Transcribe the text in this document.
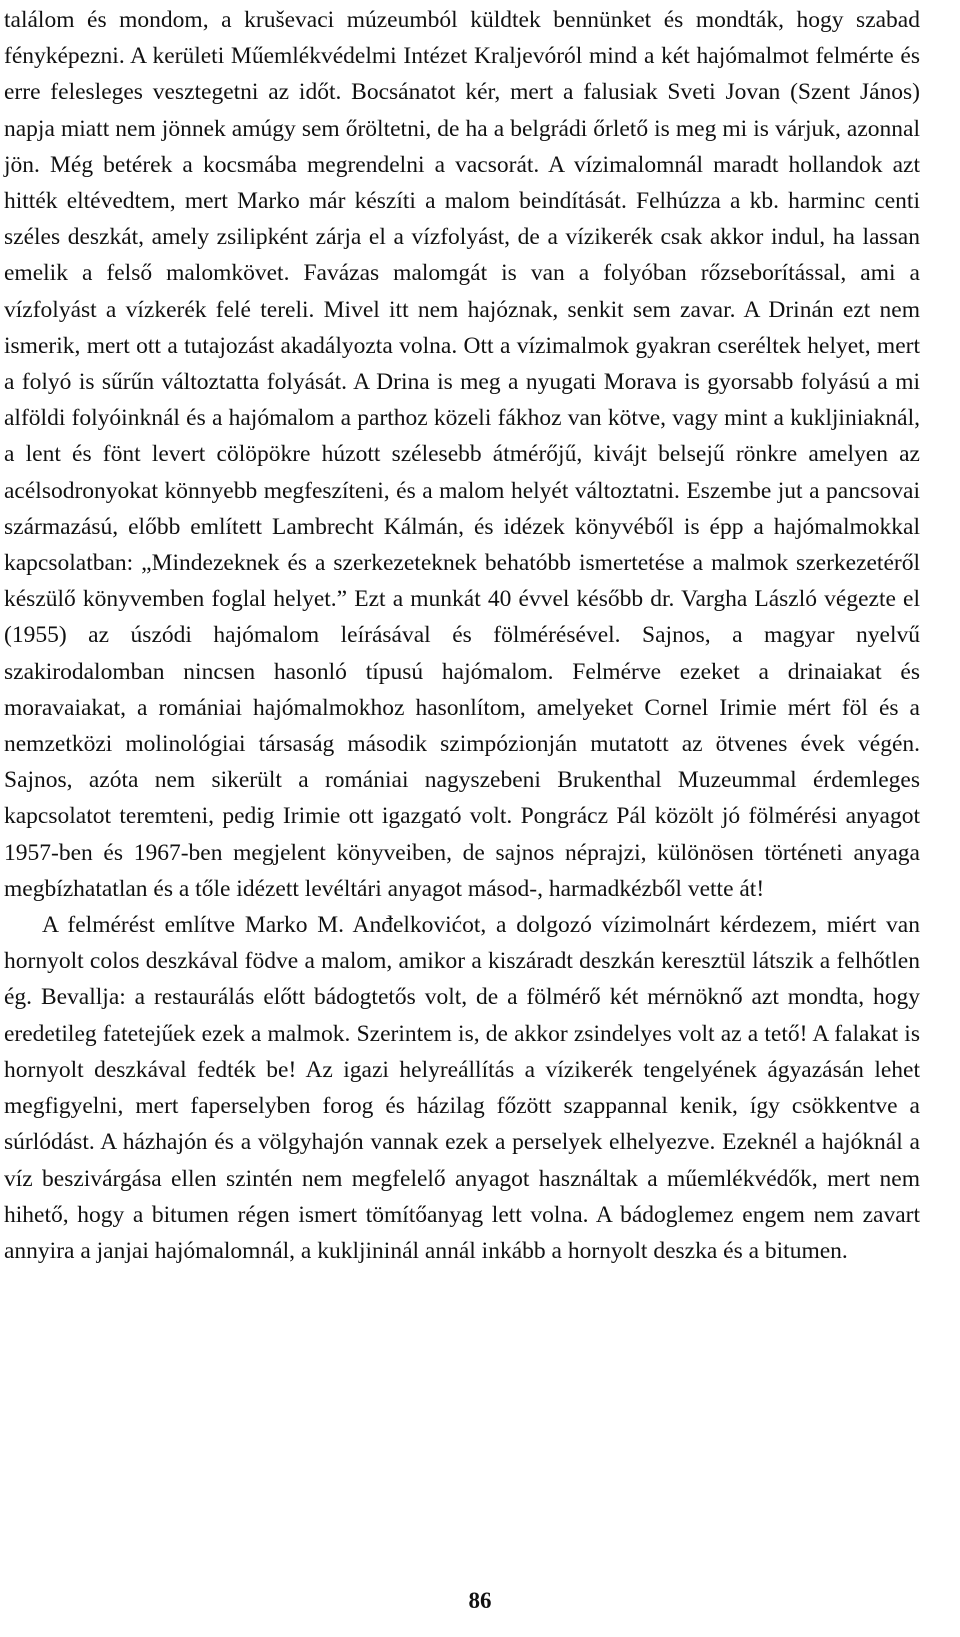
találom és mondom, a kruševaci múzeumból küldtek bennünket és mondták, hogy szabad fényképezni. A kerületi Műemlékvédelmi Intézet Kraljevóról mind a két hajómalmot felmérte és erre felesleges vesztegetni az időt. Bocsánatot kér, mert a falusiak Sveti Jovan (Szent János) napja miatt nem jönnek amúgy sem őröltetni, de ha a belgrádi őrlető is meg mi is várjuk, azonnal jön. Még betérek a kocsmába megrendelni a vacsorát. A vízimalomnál maradt hollandok azt hitték eltévedtem, mert Marko már készíti a malom beindítását. Felhúzza a kb. harminc centi széles deszkát, amely zsilipként zárja el a vízfolyást, de a vízikerék csak akkor indul, ha lassan emelik a felső malomkövet. Favázas malomgát is van a folyóban rőzseborítással, ami a vízfolyást a vízkerék felé tereli. Mivel itt nem hajóznak, senkit sem zavar. A Drinán ezt nem ismerik, mert ott a tutajozást akadályozta volna. Ott a vízimalmok gyakran cseréltek helyet, mert a folyó is sűrűn változtatta folyását. A Drina is meg a nyugati Morava is gyorsabb folyású a mi alföldi folyóinknál és a hajómalom a parthoz közeli fákhoz van kötve, vagy mint a kukljiniaknál, a lent és fönt levert cölöpökre húzott szélesebb átmérőjű, kivájt belsejű rönkre amelyen az acélsodronyokat könnyebb megfeszíteni, és a malom helyét változtatni. Eszembe jut a pancsovai származású, előbb említett Lambrecht Kálmán, és idézek könyvéből is épp a hajómalmokkal kapcsolatban: „Mindezeknek és a szerkezeteknek behatóbb ismertetése a malmok szerkezetéről készülő könyvemben foglal helyet.” Ezt a munkát 40 évvel később dr. Vargha László végezte el (1955) az úszódi hajómalom leírásával és fölmérésével. Sajnos, a magyar nyelvű szakirodalomban nincsen hasonló típusú hajómalom. Felmérve ezeket a drinaiakat és moravaiakat, a romániai hajómalmokhoz hasonlítom, amelyeket Cornel Irimie mért föl és a nemzetközi molinológiai társaság második szimpózionján mutatott az ötvenes évek végén. Sajnos, azóta nem sikerült a romániai nagyszebeni Brukenthal Muzeummal érdemleges kapcsolatot teremteni, pedig Irimie ott igazgató volt. Pongrácz Pál közölt jó fölmérési anyagot 1957-ben és 1967-ben megjelent könyveiben, de sajnos néprajzi, különösen történeti anyaga megbízhatatlan és a tőle idézett levéltári anyagot másod-, harmadkézből vette át!

A felmérést említve Marko M. Anđelkovićot, a dolgozó vízimolnárt kérdezem, miért van hornyolt colos deszkával födve a malom, amikor a kiszáradt deszkán keresztül látszik a felhőtlen ég. Bevallja: a restaurálás előtt bádogtetős volt, de a fölmérő két mérnöknő azt mondta, hogy eredetileg fatetejűek ezek a malmok. Szerintem is, de akkor zsindelyes volt az a tető! A falakat is hornyolt deszkával fedték be! Az igazi helyreállítás a vízikerék tengelyének ágyazásán lehet megfigyelni, mert faperselyben forog és házilag főzött szappannal kenik, így csökkentve a súrlódást. A házhajón és a völgyhajón vannak ezek a perselyek elhelyezve. Ezeknél a hajóknál a víz beszivárgása ellen szintén nem megfelelő anyagot használtak a műemlékvédők, mert nem hihető, hogy a bitumen régen ismert tömítőanyag lett volna. A bádoglemez engem nem zavart annyira a janjai hajómalomnál, a kukljininál annál inkább a hornyolt deszka és a bitumen.

86
